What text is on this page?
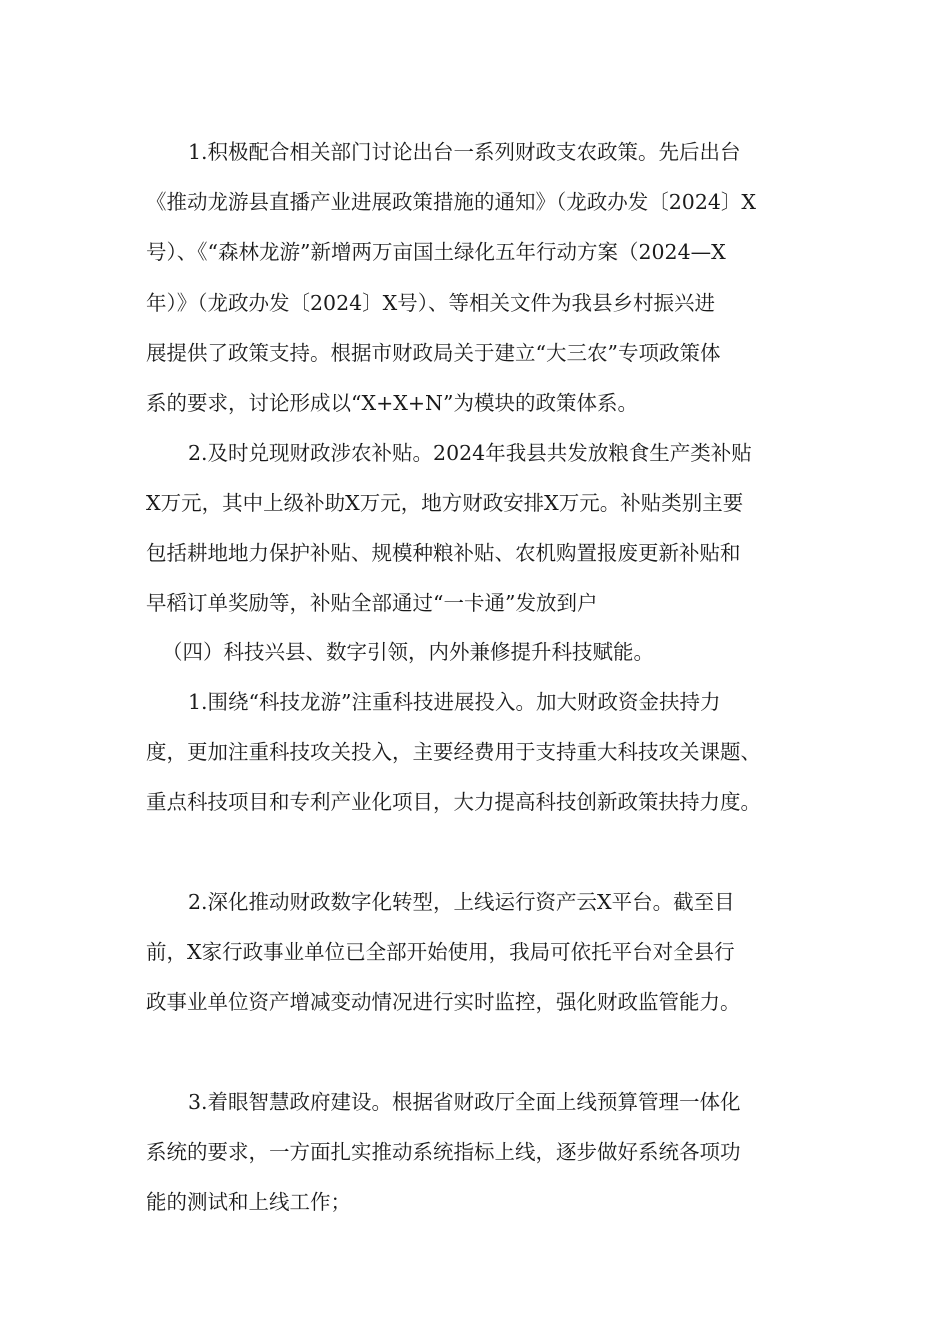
1.积极配合相关部门讨论出台一系列财政支农政策。先后出台
《推动龙游县直播产业进展政策措施的通知》（龙政办发〔2024〕X
号）、《“森林龙游”新增两万亩国土绿化五年行动方案（2024—X
年）》（龙政办发〔2024〕X号）、等相关文件为我县乡村振兴进
展提供了政策支持。根据市财政局关于建立“大三农”专项政策体
系的要求，讨论形成以“X+X+N”为模块的政策体系。
2.及时兑现财政涉农补贴。2024年我县共发放粮食生产类补贴
X万元，其中上级补助X万元，地方财政安排X万元。补贴类别主要
包括耕地地力保护补贴、规模种粮补贴、农机购置报废更新补贴和
早稻订单奖励等，补贴全部通过“一卡通”发放到户
（四）科技兴县、数字引领，内外兼修提升科技赋能。
1.围绕“科技龙游”注重科技进展投入。加大财政资金扶持力
度，更加注重科技攻关投入，主要经费用于支持重大科技攻关课题、
重点科技项目和专利产业化项目，大力提高科技创新政策扶持力度。
2.深化推动财政数字化转型，上线运行资产云X平台。截至目
前，X家行政事业单位已全部开始使用，我局可依托平台对全县行
政事业单位资产增减变动情况进行实时监控，强化财政监管能力。
3.着眼智慧政府建设。根据省财政厅全面上线预算管理一体化
系统的要求，一方面扎实推动系统指标上线，逐步做好系统各项功
能的测试和上线工作；
